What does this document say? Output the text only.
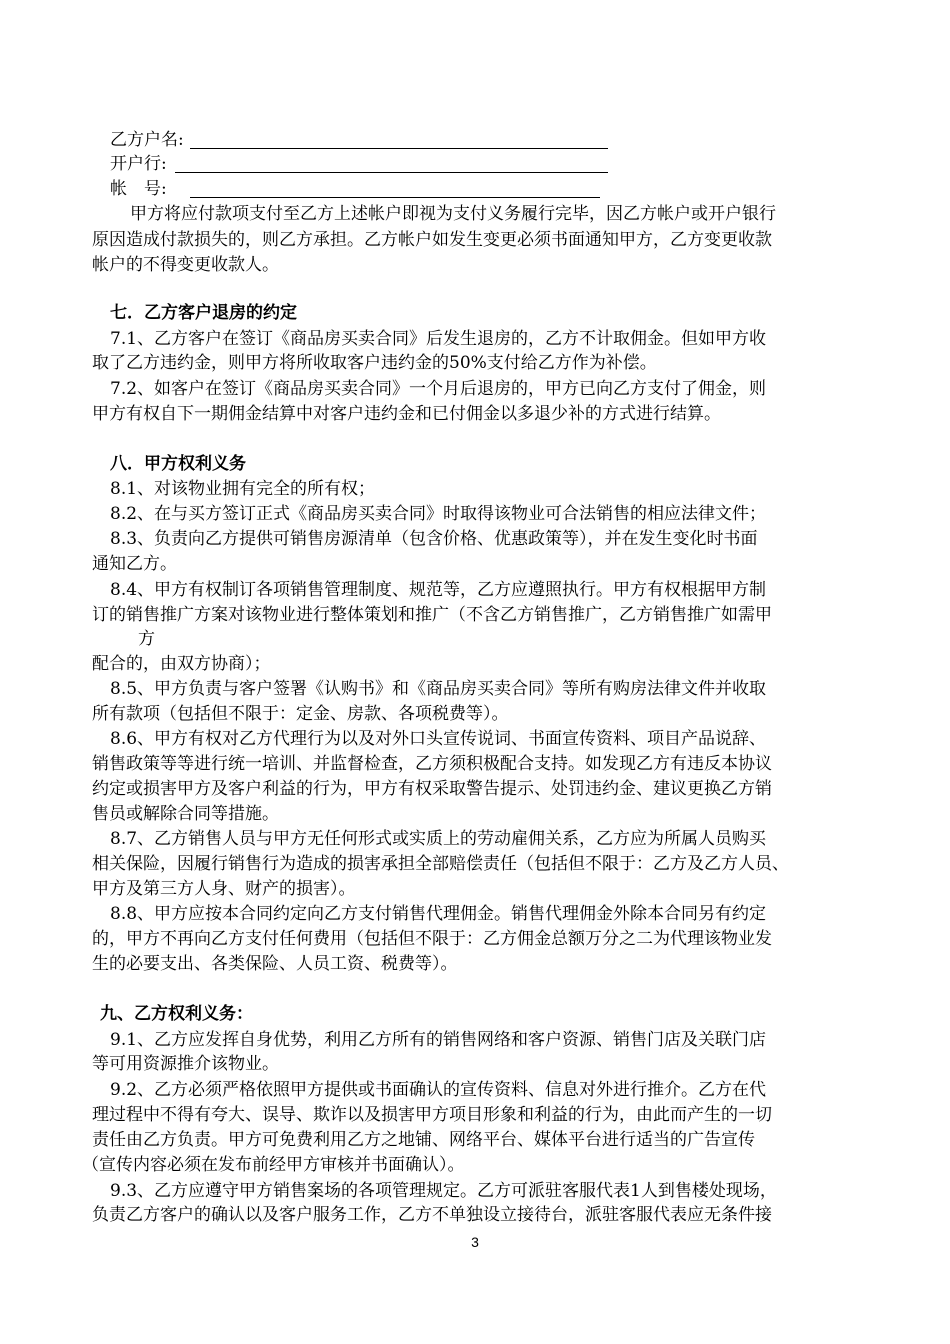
乙方户名:
开户行:
帐　号:
甲方将应付款项支付至乙方上述帐户即视为支付义务履行完毕，因乙方帐户或开户银行
原因造成付款损失的，则乙方承担。乙方帐户如发生变更必须书面通知甲方，乙方变更收款
帐户的不得变更收款人。
七．乙方客户退房的约定
7.1、乙方客户在签订《商品房买卖合同》后发生退房的，乙方不计取佣金。但如甲方收
取了乙方违约金，则甲方将所收取客户违约金的50%支付给乙方作为补偿。
7.2、如客户在签订《商品房买卖合同》一个月后退房的，甲方已向乙方支付了佣金，则
甲方有权自下一期佣金结算中对客户违约金和已付佣金以多退少补的方式进行结算。
八．甲方权利义务
8.1、对该物业拥有完全的所有权；
8.2、在与买方签订正式《商品房买卖合同》时取得该物业可合法销售的相应法律文件；
8.3、负责向乙方提供可销售房源清单（包含价格、优惠政策等），并在发生变化时书面
通知乙方。
8.4、甲方有权制订各项销售管理制度、规范等，乙方应遵照执行。甲方有权根据甲方制
订的销售推广方案对该物业进行整体策划和推广（不含乙方销售推广，乙方销售推广如需甲
方
配合的，由双方协商）；
8.5、甲方负责与客户签署《认购书》和《商品房买卖合同》等所有购房法律文件并收取
所有款项（包括但不限于：定金、房款、各项税费等）。
8.6、甲方有权对乙方代理行为以及对外口头宣传说词、书面宣传资料、项目产品说辞、
销售政策等等进行统一培训、并监督检查，乙方须积极配合支持。如发现乙方有违反本协议
约定或损害甲方及客户利益的行为，甲方有权采取警告提示、处罚违约金、建议更换乙方销
售员或解除合同等措施。
8.7、乙方销售人员与甲方无任何形式或实质上的劳动雇佣关系，乙方应为所属人员购买
相关保险，因履行销售行为造成的损害承担全部赔偿责任（包括但不限于：乙方及乙方人员、
甲方及第三方人身、财产的损害）。
8.8、甲方应按本合同约定向乙方支付销售代理佣金。销售代理佣金外除本合同另有约定
的，甲方不再向乙方支付任何费用（包括但不限于：乙方佣金总额万分之二为代理该物业发
生的必要支出、各类保险、人员工资、税费等）。
九、乙方权利义务：
9.1、乙方应发挥自身优势，利用乙方所有的销售网络和客户资源、销售门店及关联门店
等可用资源推介该物业。
9.2、乙方必须严格依照甲方提供或书面确认的宣传资料、信息对外进行推介。乙方在代
理过程中不得有夸大、误导、欺诈以及损害甲方项目形象和利益的行为，由此而产生的一切
责任由乙方负责。甲方可免费利用乙方之地铺、网络平台、媒体平台进行适当的广告宣传
（宣传内容必须在发布前经甲方审核并书面确认）。
9.3、乙方应遵守甲方销售案场的各项管理规定。乙方可派驻客服代表1人到售楼处现场，
负责乙方客户的确认以及客户服务工作，乙方不单独设立接待台，派驻客服代表应无条件接
3
